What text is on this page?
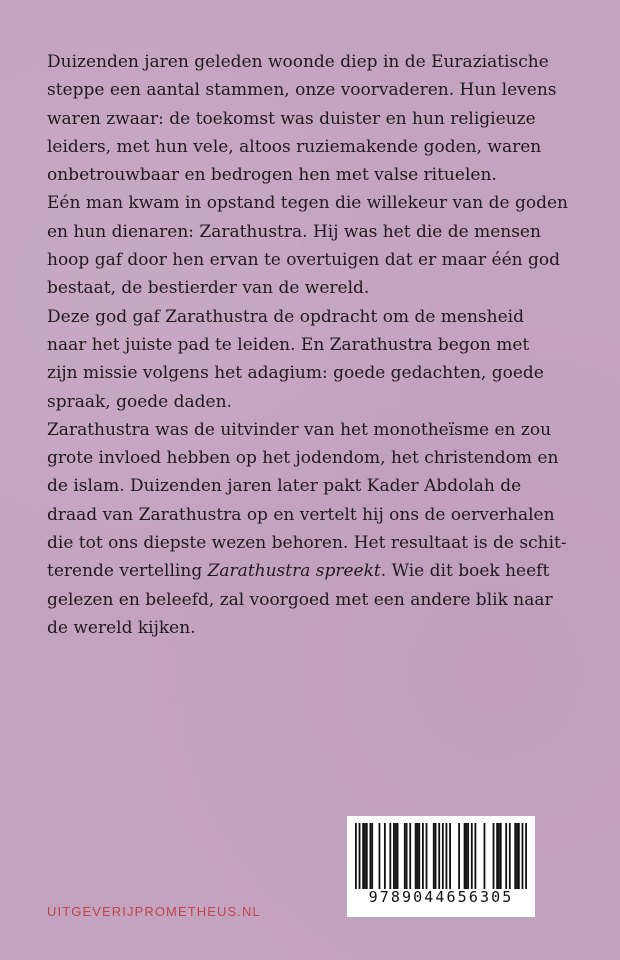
Duizenden jaren geleden woonde diep in de Euraziatische
steppe een aantal stammen, onze voorvaderen. Hun levens
waren zwaar: de toekomst was duister en hun religieuze
leiders, met hun vele, altoos ruziemakende goden, waren
onbetrouwbaar en bedrogen hen met valse rituelen.
Eén man kwam in opstand tegen die willekeur van de goden
en hun dienaren: Zarathustra. Hij was het die de mensen
hoop gaf door hen ervan te overtuigen dat er maar één god
bestaat, de bestierder van de wereld.
Deze god gaf Zarathustra de opdracht om de mensheid
naar het juiste pad te leiden. En Zarathustra begon met
zijn missie volgens het adagium: goede gedachten, goede
spraak, goede daden.
Zarathustra was de uitvinder van het monotheïsme en zou
grote invloed hebben op het jodendom, het christendom en
de islam. Duizenden jaren later pakt Kader Abdolah de
draad van Zarathustra op en vertelt hij ons de oerverhalen
die tot ons diepste wezen behoren. Het resultaat is de schit-
terende vertelling Zarathustra spreekt. Wie dit boek heeft
gelezen en beleefd, zal voorgoed met een andere blik naar
de wereld kijken.
UITGEVERIJPROMETHEUS.NL
9789044656305
